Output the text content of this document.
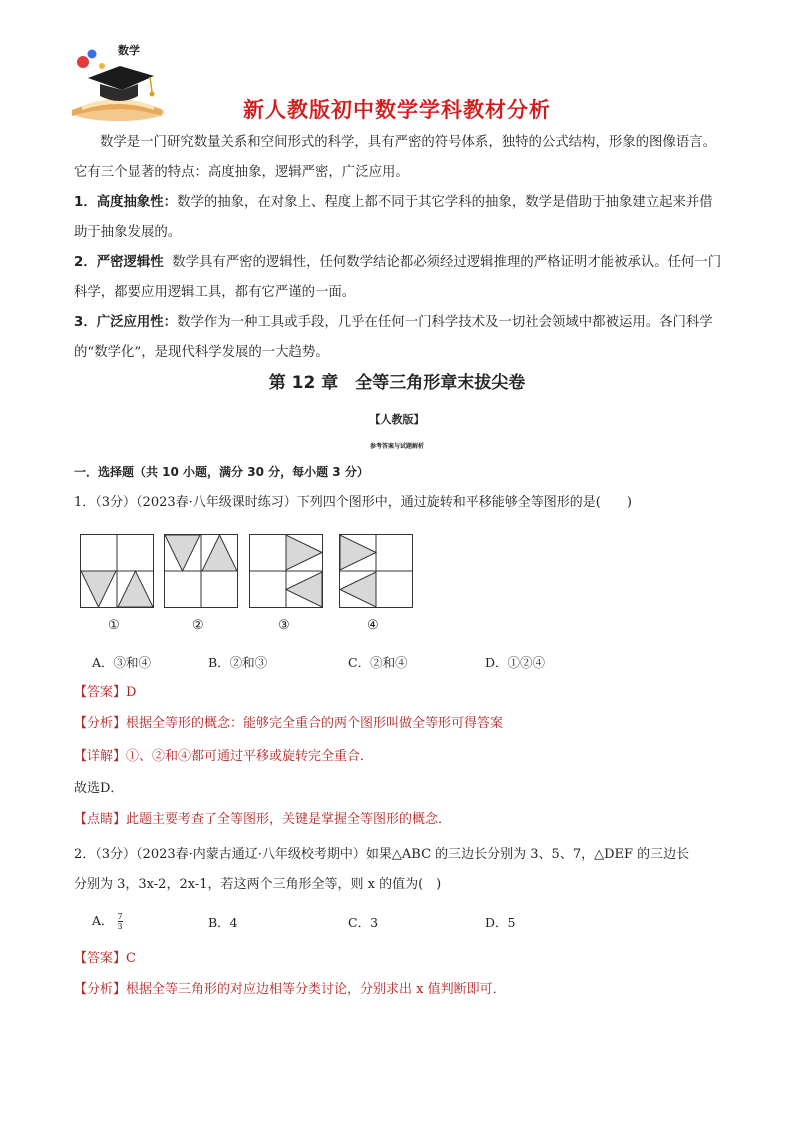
数学
新人教版初中数学学科教材分析
数学是一门研究数量关系和空间形式的科学，具有严密的符号体系，独特的公式结构，形象的图像语言。它有三个显著的特点：高度抽象，逻辑严密，广泛应用。
1．高度抽象性：数学的抽象，在对象上、程度上都不同于其它学科的抽象，数学是借助于抽象建立起来并借助于抽象发展的。
2．严密逻辑性 数学具有严密的逻辑性，任何数学结论都必须经过逻辑推理的严格证明才能被承认。任何一门科学，都要应用逻辑工具，都有它严谨的一面。
3．广泛应用性：数学作为一种工具或手段，几乎在任何一门科学技术及一切社会领域中都被运用。各门科学的“数学化”，是现代科学发展的一大趋势。
第 12 章　全等三角形章末拔尖卷
【人教版】
参考答案与试题解析
一．选择题（共 10 小题，满分 30 分，每小题 3 分）
1．（3分）（2023春·八年级课时练习）下列四个图形中，通过旋转和平移能够全等图形的是(　　)
①	②	③	④
A．③和④	B．②和③	C．②和④	D．①②④
【答案】D
【分析】根据全等形的概念：能够完全重合的两个图形叫做全等形可得答案
【详解】①、②和④都可通过平移或旋转完全重合．
故选D．
【点睛】此题主要考查了全等图形，关键是掌握全等图形的概念．
2．（3分）（2023春·内蒙古通辽·八年级校考期中）如果△ABC 的三边长分别为 3、5、7，△DEF 的三边长
分别为 3，3x-2，2x-1，若这两个三角形全等，则 x 的值为(　)
A． $\frac{7}{3}$	B．4	C．3	D．5
【答案】C
【分析】根据全等三角形的对应边相等分类讨论，分别求出 x 值判断即可．
